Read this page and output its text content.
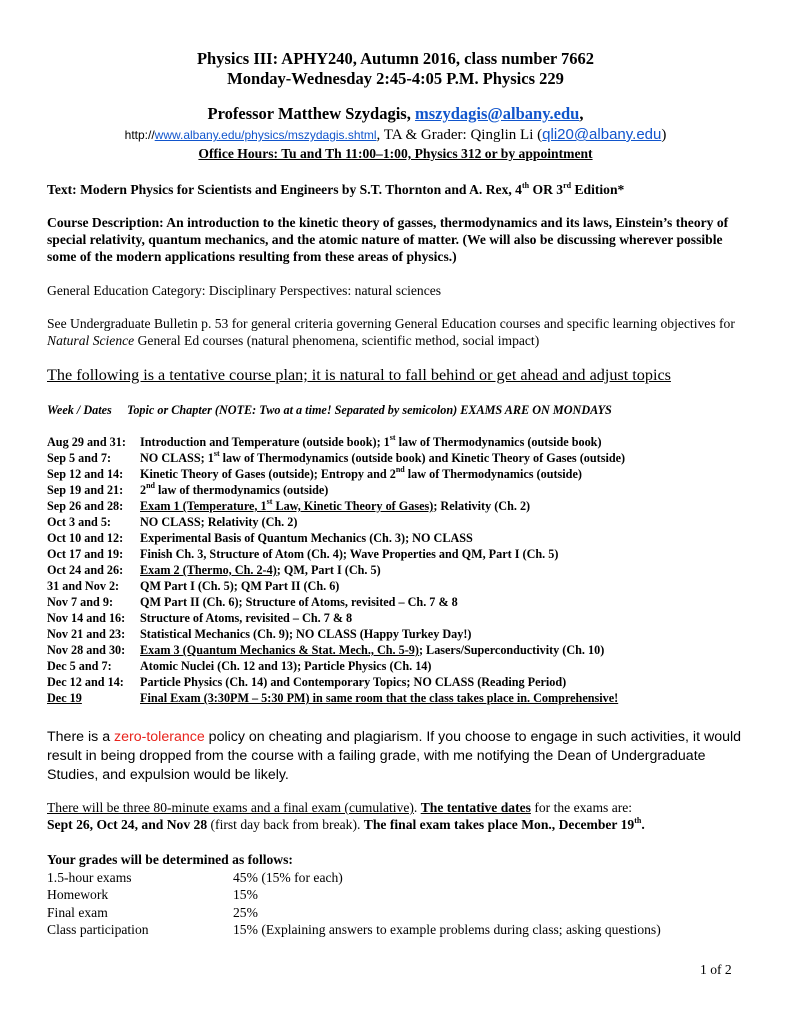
Physics III: APHY240, Autumn 2016, class number 7662
Monday-Wednesday 2:45-4:05 P.M. Physics 229
Professor Matthew Szydagis, mszydagis@albany.edu,
http://www.albany.edu/physics/mszydagis.shtml, TA & Grader: Qinglin Li (qli20@albany.edu)
Office Hours: Tu and Th 11:00–1:00, Physics 312 or by appointment
Text: Modern Physics for Scientists and Engineers by S.T. Thornton and A. Rex, 4th OR 3rd Edition*
Course Description: An introduction to the kinetic theory of gasses, thermodynamics and its laws, Einstein’s theory of special relativity, quantum mechanics, and the atomic nature of matter. (We will also be discussing wherever possible some of the modern applications resulting from these areas of physics.)
General Education Category: Disciplinary Perspectives: natural sciences
See Undergraduate Bulletin p. 53 for general criteria governing General Education courses and specific learning objectives for Natural Science General Ed courses (natural phenomena, scientific method, social impact)
The following is a tentative course plan; it is natural to fall behind or get ahead and adjust topics
Week / Dates     Topic or Chapter (NOTE: Two at a time! Separated by semicolon) EXAMS ARE ON MONDAYS
Aug 29 and 31: Introduction and Temperature (outside book); 1st law of Thermodynamics (outside book)
Sep 5 and 7: NO CLASS; 1st law of Thermodynamics (outside book) and Kinetic Theory of Gases (outside)
Sep 12 and 14: Kinetic Theory of Gases (outside); Entropy and 2nd law of Thermodynamics (outside)
Sep 19 and 21: 2nd law of thermodynamics (outside)
Sep 26 and 28: Exam 1 (Temperature, 1st Law, Kinetic Theory of Gases); Relativity (Ch. 2)
Oct 3 and 5: NO CLASS; Relativity (Ch. 2)
Oct 10 and 12: Experimental Basis of Quantum Mechanics (Ch. 3); NO CLASS
Oct 17 and 19: Finish Ch. 3, Structure of Atom (Ch. 4); Wave Properties and QM, Part I (Ch. 5)
Oct 24 and 26: Exam 2 (Thermo, Ch. 2-4); QM, Part I (Ch. 5)
31 and Nov 2: QM Part I (Ch. 5); QM Part II (Ch. 6)
Nov 7 and 9: QM Part II (Ch. 6); Structure of Atoms, revisited – Ch. 7 & 8
Nov 14 and 16: Structure of Atoms, revisited – Ch. 7 & 8
Nov 21 and 23: Statistical Mechanics (Ch. 9); NO CLASS (Happy Turkey Day!)
Nov 28 and 30: Exam 3 (Quantum Mechanics & Stat. Mech., Ch. 5-9); Lasers/Superconductivity (Ch. 10)
Dec 5 and 7: Atomic Nuclei (Ch. 12 and 13); Particle Physics (Ch. 14)
Dec 12 and 14: Particle Physics (Ch. 14) and Contemporary Topics; NO CLASS (Reading Period)
Dec 19	Final Exam (3:30PM – 5:30 PM) in same room that the class takes place in. Comprehensive!
There is a zero-tolerance policy on cheating and plagiarism. If you choose to engage in such activities, it would result in being dropped from the course with a failing grade, with me notifying the Dean of Undergraduate Studies, and expulsion would be likely.
There will be three 80-minute exams and a final exam (cumulative). The tentative dates for the exams are:
Sept 26, Oct 24, and Nov 28 (first day back from break). The final exam takes place Mon., December 19th.
Your grades will be determined as follows:
1.5-hour exams	45% (15% for each)
Homework	15%
Final exam	25%
Class participation	15% (Explaining answers to example problems during class; asking questions)
1 of 2
